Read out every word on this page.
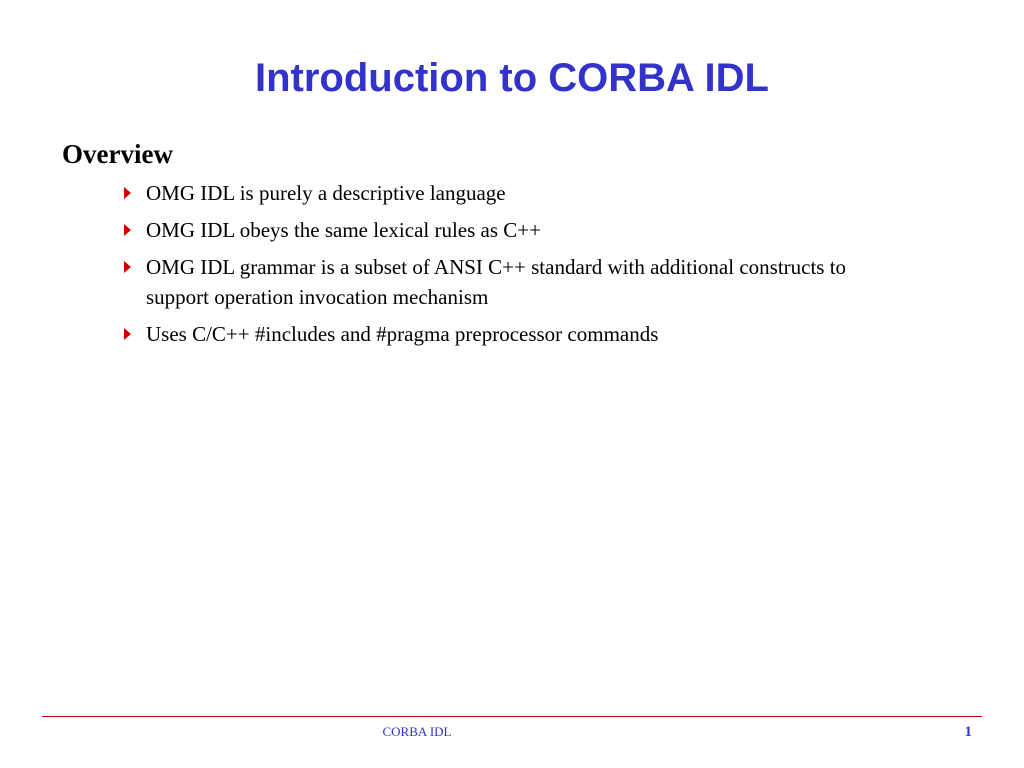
Introduction to CORBA IDL
Overview
OMG IDL is purely a descriptive language
OMG IDL obeys the same lexical rules as C++
OMG IDL grammar is a subset of ANSI C++ standard with additional constructs to support operation invocation mechanism
Uses C/C++ #includes and #pragma preprocessor commands
CORBA IDL	1
